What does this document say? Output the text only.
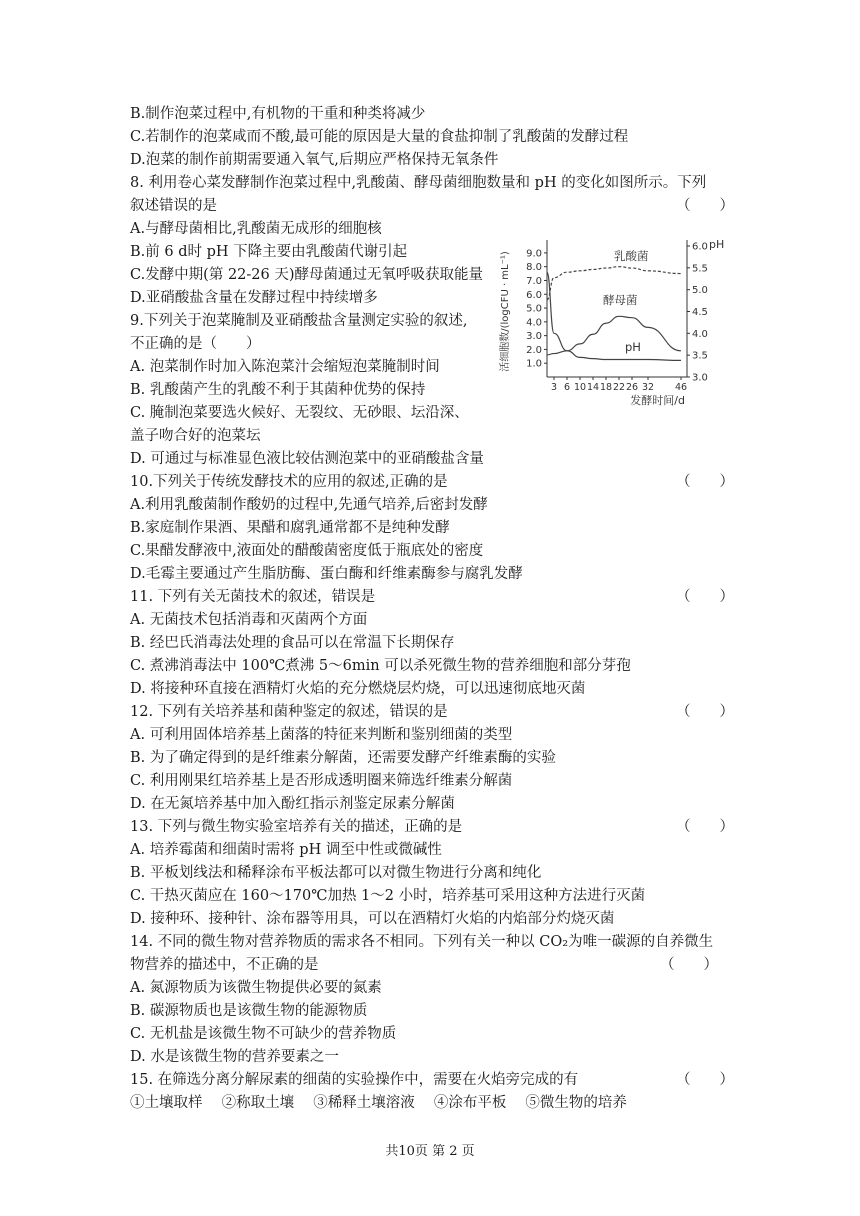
B.制作泡菜过程中,有机物的干重和种类将减少
C.若制作的泡菜咸而不酸,最可能的原因是大量的食盐抑制了乳酸菌的发酵过程
D.泡菜的制作前期需要通入氧气,后期应严格保持无氧条件
8. 利用卷心菜发酵制作泡菜过程中,乳酸菌、酵母菌细胞数量和 pH 的变化如图所示。下列
叙述错误的是
A.与酵母菌相比,乳酸菌无成形的细胞核
B.前 6 d时 pH 下降主要由乳酸菌代谢引起
C.发酵中期(第 22-26 天)酵母菌通过无氧呼吸获取能量
D.亚硝酸盐含量在发酵过程中持续增多
9.下列关于泡菜腌制及亚硝酸盐含量测定实验的叙述,
不正确的是（　　）
A. 泡菜制作时加入陈泡菜汁会缩短泡菜腌制时间
B. 乳酸菌产生的乳酸不利于其菌种优势的保持
C. 腌制泡菜要选火候好、无裂纹、无砂眼、坛沿深、
盖子吻合好的泡菜坛
D. 可通过与标准显色液比较估测泡菜中的亚硝酸盐含量
10.下列关于传统发酵技术的应用的叙述,正确的是
A.利用乳酸菌制作酸奶的过程中,先通气培养,后密封发酵
B.家庭制作果酒、果醋和腐乳通常都不是纯种发酵
C.果醋发酵液中,液面处的醋酸菌密度低于瓶底处的密度
D.毛霉主要通过产生脂肪酶、蛋白酶和纤维素酶参与腐乳发酵
11. 下列有关无菌技术的叙述，错误是
A. 无菌技术包括消毒和灭菌两个方面
B. 经巴氏消毒法处理的食品可以在常温下长期保存
C. 煮沸消毒法中 100℃煮沸 5～6min 可以杀死微生物的营养细胞和部分芽孢
D. 将接种环直接在酒精灯火焰的充分燃烧层灼烧，可以迅速彻底地灭菌
12. 下列有关培养基和菌种鉴定的叙述，错误的是
A. 可利用固体培养基上菌落的特征来判断和鉴别细菌的类型
B. 为了确定得到的是纤维素分解菌，还需要发酵产纤维素酶的实验
C. 利用刚果红培养基上是否形成透明圈来筛选纤维素分解菌
D. 在无氮培养基中加入酚红指示剂鉴定尿素分解菌
13. 下列与微生物实验室培养有关的描述，正确的是
A. 培养霉菌和细菌时需将 pH 调至中性或微碱性
B. 平板划线法和稀释涂布平板法都可以对微生物进行分离和纯化
C. 干热灭菌应在 160～170℃加热 1～2 小时，培养基可采用这种方法进行灭菌
D. 接种环、接种针、涂布器等用具，可以在酒精灯火焰的内焰部分灼烧灭菌
14. 不同的微生物对营养物质的需求各不相同。下列有关一种以 CO₂为唯一碳源的自养微生
物营养的描述中，不正确的是
A. 氮源物质为该微生物提供必要的氮素
B. 碳源物质也是该微生物的能源物质
C. 无机盐是该微生物不可缺少的营养物质
D. 水是该微生物的营养要素之一
15. 在筛选分离分解尿素的细菌的实验操作中，需要在火焰旁完成的有
①土壤取样　 ②称取土壤　 ③稀释土壤溶液　 ④涂布平板　 ⑤微生物的培养
（　　）
（　　）
（　　）
（　　）
（　　）
（　　）
（　　）
9.0
8.0
7.0
6.0
5.0
4.0
3.0
2.0
1.0
6.0
5.5
5.0
4.5
4.0
3.5
3.0
3 6 10 14 18 22 26 32 46
发酵时间/d
活细胞数/(logCFU · mL⁻¹)
pH
乳酸菌
酵母菌
pH
共10页 第 2 页
